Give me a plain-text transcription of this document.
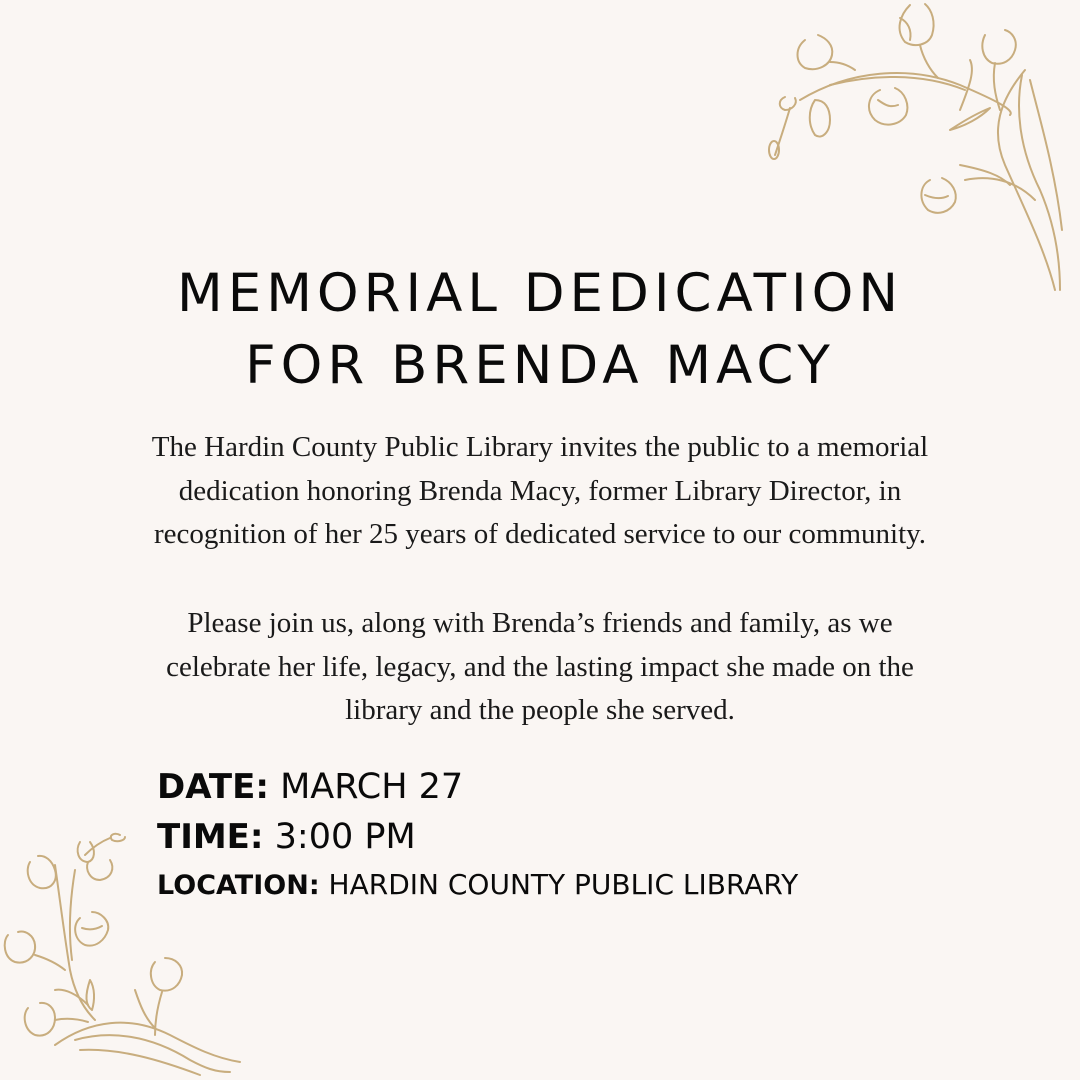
MEMORIAL DEDICATION
FOR BRENDA MACY
The Hardin County Public Library invites the public to a memorial
dedication honoring Brenda Macy, former Library Director, in
recognition of her 25 years of dedicated service to our community.
Please join us, along with Brenda’s friends and family, as we
celebrate her life, legacy, and the lasting impact she made on the
library and the people she served.
DATE: MARCH 27
TIME: 3:00 PM
LOCATION: HARDIN COUNTY PUBLIC LIBRARY
